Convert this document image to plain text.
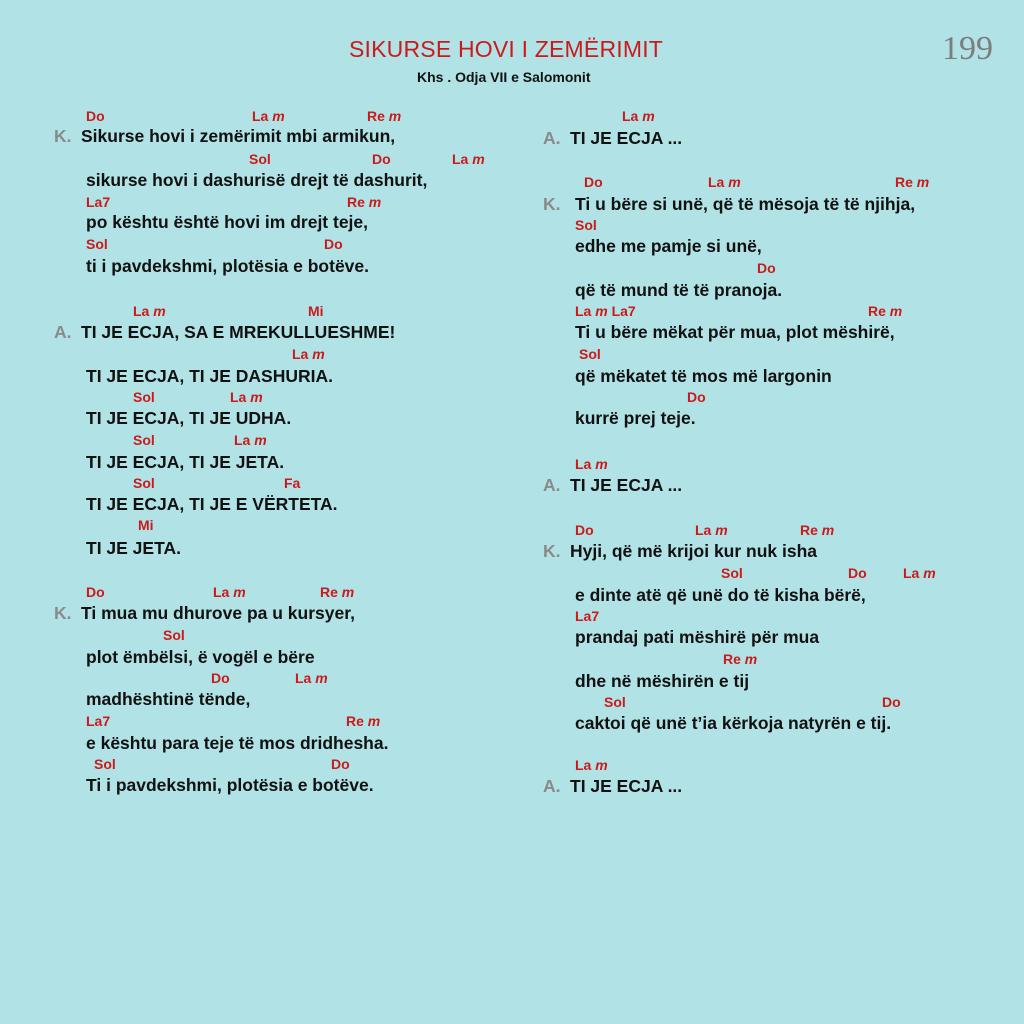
SIKURSE HOVI I ZEMËRIMIT
Khs . Odja VII e Salomonit
199
Do	La m	Re m
K. Sikurse hovi i zemërimit mbi armikun,
Sol	Do	La m
sikurse hovi i dashurisë drejt të dashurit,
La7	Re m
po kështu është hovi im drejt teje,
Sol	Do
ti i pavdekshmi, plotësia e botëve.
La m	Mi
A. TI JE ECJA, SA E MREKULLUESHME!
La m
TI JE ECJA, TI JE DASHURIA.
Sol	La m
TI JE ECJA, TI JE UDHA.
Sol	La m
TI JE ECJA, TI JE JETA.
Sol	Fa
TI JE ECJA, TI JE E VËRTETA.
Mi
TI JE JETA.
Do	La m	Re m
K. Ti mua mu dhurove pa u kursyer,
Sol
plot ëmbëlsi, ë vogël e bëre
Do	La m
madhështinë tënde,
La7	Re m
e kështu para teje të mos dridhesha.
Sol	Do
Ti i pavdekshmi, plotësia e botëve.
La m
A. TI JE ECJA ...
Do	La m	Re m
K. Ti u bëre si unë, që të mësoja të të njihja,
Sol
edhe me pamje si unë,
Do
që të mund të të pranoja.
La m La7	Re m
Ti u bëre mëkat për mua, plot mëshirë,
Sol
që mëkatet të mos më largonin
Do
kurrë prej teje.
La m
A. TI JE ECJA ...
Do	La m	Re m
K. Hyji, që më krijoi kur nuk isha
Sol	Do	La m
e dinte atë që unë do të kisha bërë,
La7
prandaj pati mëshirë për mua
Re m
dhe në mëshirën e tij
Sol	Do
caktoi që unë t’ia kërkoja natyrën e tij.
La m
A. TI JE ECJA ...
